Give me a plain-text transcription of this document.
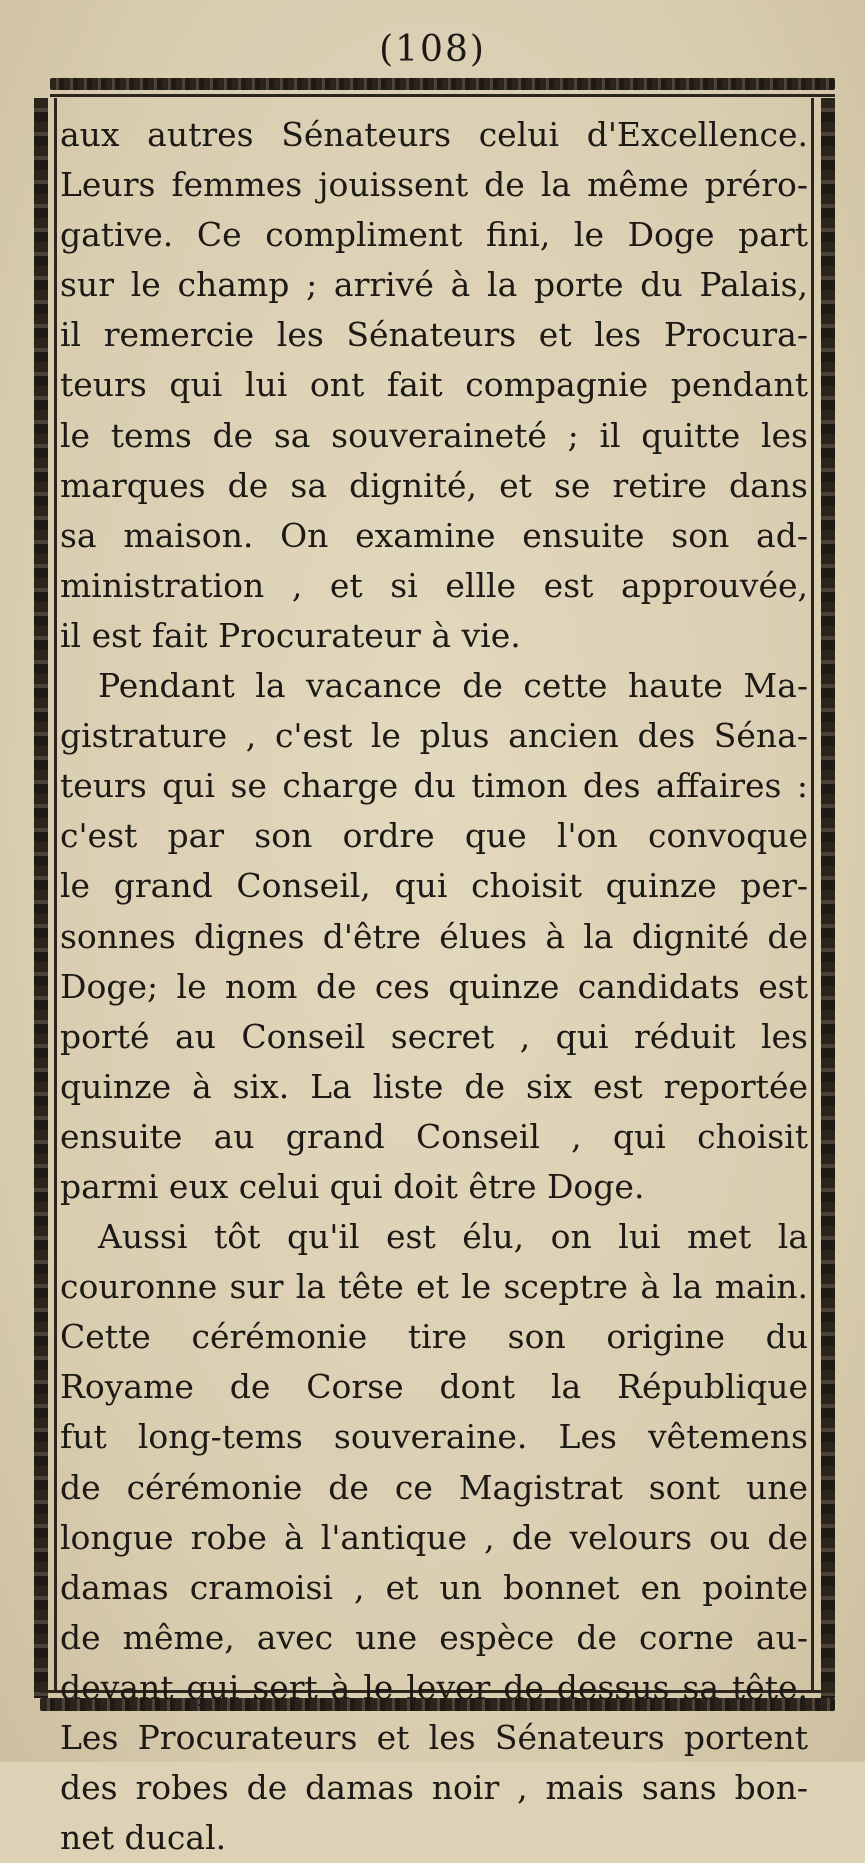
(108)
aux autres Sénateurs celui d'Excellence.
Leurs femmes jouissent de la même préro-
gative. Ce compliment fini, le Doge part
sur le champ ; arrivé à la porte du Palais,
il remercie les Sénateurs et les Procura-
teurs qui lui ont fait compagnie pendant
le tems de sa souveraineté ; il quitte les
marques de sa dignité, et se retire dans
sa maison. On examine ensuite son ad-
ministration , et si ellle est approuvée,
il est fait Procurateur à vie.
Pendant la vacance de cette haute Ma-
gistrature , c'est le plus ancien des Séna-
teurs qui se charge du timon des affaires :
c'est par son ordre que l'on convoque
le grand Conseil, qui choisit quinze per-
sonnes dignes d'être élues à la dignité de
Doge; le nom de ces quinze candidats est
porté au Conseil secret , qui réduit les
quinze à six. La liste de six est reportée
ensuite au grand Conseil , qui choisit
parmi eux celui qui doit être Doge.
Aussi tôt qu'il est élu, on lui met la
couronne sur la tête et le sceptre à la main.
Cette cérémonie tire son origine du
Royame de Corse dont la République
fut long-tems souveraine. Les vêtemens
de cérémonie de ce Magistrat sont une
longue robe à l'antique , de velours ou de
damas cramoisi , et un bonnet en pointe
de même, avec une espèce de corne au-
devant qui sert à le lever de dessus sa tête.
Les Procurateurs et les Sénateurs portent
des robes de damas noir , mais sans bon-
net ducal.
